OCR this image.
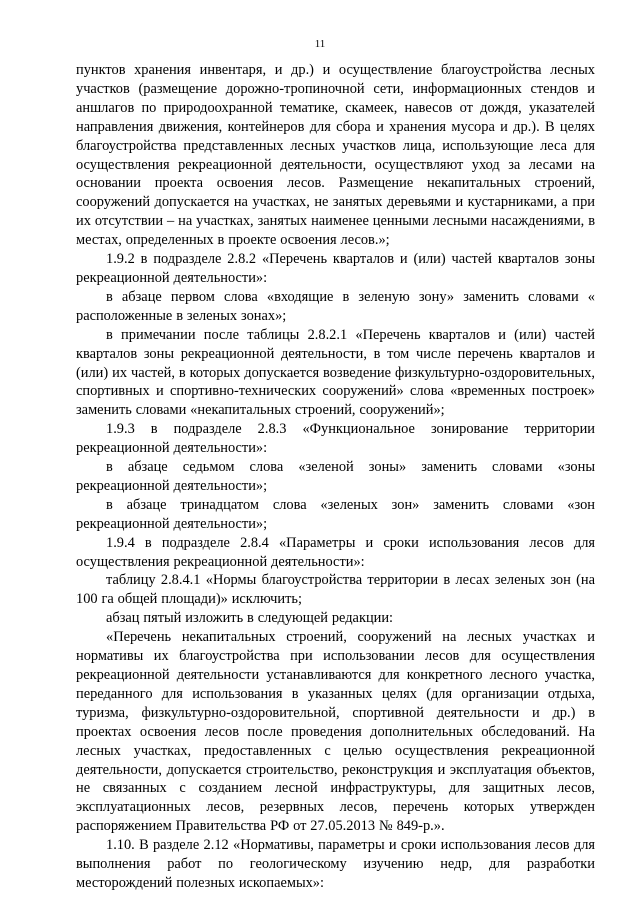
11

пунктов хранения инвентаря, и др.) и осуществление благоустройства лесных участков (размещение дорожно-тропиночной сети, информационных стендов и аншлагов по природоохранной тематике, скамеек, навесов от дождя, указателей направления движения, контейнеров для сбора и хранения мусора и др.). В целях благоустройства представленных лесных участков лица, использующие леса для осуществления рекреационной деятельности, осуществляют уход за лесами на основании проекта освоения лесов. Размещение некапитальных строений, сооружений допускается на участках, не занятых деревьями и кустарниками, а при их отсутствии – на участках, занятых наименее ценными лесными насаждениями, в местах, определенных в проекте освоения лесов.»;

1.9.2 в подразделе 2.8.2 «Перечень кварталов и (или) частей кварталов зоны рекреационной деятельности»:

в абзаце первом слова «входящие в зеленую зону» заменить словами « расположенные в зеленых зонах»;

в примечании после таблицы 2.8.2.1 «Перечень кварталов и (или) частей кварталов зоны рекреационной деятельности, в том числе перечень кварталов и (или) их частей, в которых допускается возведение физкультурно-оздоровительных, спортивных и спортивно-технических сооружений» слова «временных построек» заменить словами «некапитальных строений, сооружений»;

1.9.3 в подразделе 2.8.3 «Функциональное зонирование территории рекреационной деятельности»:

в абзаце седьмом слова «зеленой зоны» заменить словами «зоны рекреационной деятельности»;

в абзаце тринадцатом слова «зеленых зон» заменить словами «зон рекреационной деятельности»;

1.9.4 в подразделе 2.8.4 «Параметры и сроки использования лесов для осуществления рекреационной деятельности»:

таблицу 2.8.4.1 «Нормы благоустройства территории в лесах зеленых зон (на 100 га общей площади)» исключить;

абзац пятый изложить в следующей редакции:

«Перечень некапитальных строений, сооружений на лесных участках и нормативы их благоустройства при использовании лесов для осуществления рекреационной деятельности устанавливаются для конкретного лесного участка, переданного для использования в указанных целях (для организации отдыха, туризма, физкультурно-оздоровительной, спортивной деятельности и др.) в проектах освоения лесов после проведения дополнительных обследований. На лесных участках, предоставленных с целью осуществления рекреационной деятельности, допускается строительство, реконструкция и эксплуатация объектов, не связанных с созданием лесной инфраструктуры, для защитных лесов, эксплуатационных лесов, резервных лесов, перечень которых утвержден распоряжением Правительства РФ от 27.05.2013 № 849-р.».

1.10. В разделе 2.12 «Нормативы, параметры и сроки использования лесов для выполнения работ по геологическому изучению недр, для разработки месторождений полезных ископаемых»:
